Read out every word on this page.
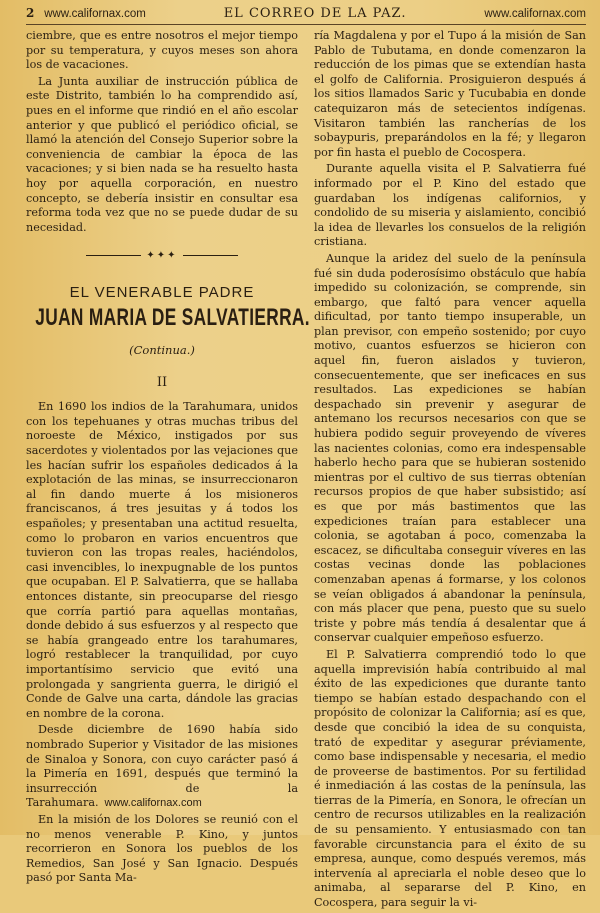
2 www.californax.com	EL CORREO DE LA PAZ.	www.californax.com

ciembre, que es entre nosotros el mejor tiempo por su temperatura, y cuyos meses son ahora los de vacaciones.

La Junta auxiliar de instrucción pública de este Distrito, también lo ha comprendido así, pues en el informe que rindió en el año escolar anterior y que publicó el periódico oficial, se llamó la atención del Consejo Superior sobre la conveniencia de cambiar la época de las vacaciones; y si bien nada se ha resuelto hasta hoy por aquella corporación, en nuestro concepto, se debería insistir en consultar esa reforma toda vez que no se puede dudar de su necesidad.

✦✦✦
EL VENERABLE PADRE
JUAN MARIA DE SALVATIERRA.
(Continua.)
II

En 1690 los indios de la Tarahumara, unidos con los tepehuanes y otras muchas tribus del noroeste de México, instigados por sus sacerdotes y violentados por las vejaciones que les hacían sufrir los españoles dedicados á la explotación de las minas, se insurreccionaron al fin dando muerte á los misioneros franciscanos, á tres jesuitas y á todos los españoles; y presentaban una actitud resuelta, como lo probaron en varios encuentros que tuvieron con las tropas reales, haciéndolos, casi invencibles, lo inexpugnable de los puntos que ocupaban. El P. Salvatierra, que se hallaba entonces distante, sin preocuparse del riesgo que corría partió para aquellas montañas, donde debido á sus esfuerzos y al respecto que se había grangeado entre los tarahumares, logró restablecer la tranquilidad, por cuyo importantísimo servicio que evitó una prolongada y sangrienta guerra, le dirigió el Conde de Galve una carta, dándole las gracias en nombre de la corona.

Desde diciembre de 1690 había sido nombrado Superior y Visitador de las misiones de Sinaloa y Sonora, con cuyo carácter pasó á la Pimería en 1691, después que terminó la insurrección de la Tarahumara. www.californax.com

En la misión de los Dolores se reunió con el no menos venerable P. Kino, y juntos recorrieron en Sonora los pueblos de los Remedios, San José y San Ignacio. Después pasó por Santa Ma-

ría Magdalena y por el Tupo á la misión de San Pablo de Tubutama, en donde comenzaron la reducción de los pimas que se extendían hasta el golfo de California. Prosiguieron después á los sitios llamados Saric y Tucubabia en donde catequizaron más de setecientos indígenas. Visitaron también las rancherías de los sobaypuris, preparándolos en la fé; y llegaron por fin hasta el pueblo de Cocospera.

Durante aquella visita el P. Salvatierra fué informado por el P. Kino del estado que guardaban los indígenas californios, y condolido de su miseria y aislamiento, concibió la idea de llevarles los consuelos de la religión cristiana.

Aunque la aridez del suelo de la península fué sin duda poderosísimo obstáculo que había impedido su colonización, se comprende, sin embargo, que faltó para vencer aquella dificultad, por tanto tiempo insuperable, un plan previsor, con empeño sostenido; por cuyo motivo, cuantos esfuerzos se hicieron con aquel fin, fueron aislados y tuvieron, consecuentemente, que ser ineficaces en sus resultados. Las expediciones se habían despachado sin prevenir y asegurar de antemano los recursos necesarios con que se hubiera podido seguir proveyendo de víveres las nacientes colonias, como era indespensable haberlo hecho para que se hubieran sostenido mientras por el cultivo de sus tierras obtenían recursos propios de que haber subsistido; así es que por más bastimentos que las expediciones traían para establecer una colonia, se agotaban á poco, comenzaba la escacez, se dificultaba conseguir víveres en las costas vecinas donde las poblaciones comenzaban apenas á formarse, y los colonos se veían obligados á abandonar la península, con más placer que pena, puesto que su suelo triste y pobre más tendía á desalentar que á conservar cualquier empeñoso esfuerzo.

El P. Salvatierra comprendió todo lo que aquella imprevisión había contribuido al mal éxito de las expediciones que durante tanto tiempo se habían estado despachando con el propósito de colonizar la California; así es que, desde que concibió la idea de su conquista, trató de expeditar y asegurar préviamente, como base indispensable y necesaria, el medio de proveerse de bastimentos. Por su fertilidad é inmediación á las costas de la península, las tierras de la Pimería, en Sonora, le ofrecían un centro de recursos utilizables en la realización de su pensamiento. Y entusiasmado con tan favorable circunstancia para el éxito de su empresa, aunque, como después veremos, más intervenía al apreciarla el noble deseo que lo animaba, al separarse del P. Kino, en Cocospera, para seguir la vi-
